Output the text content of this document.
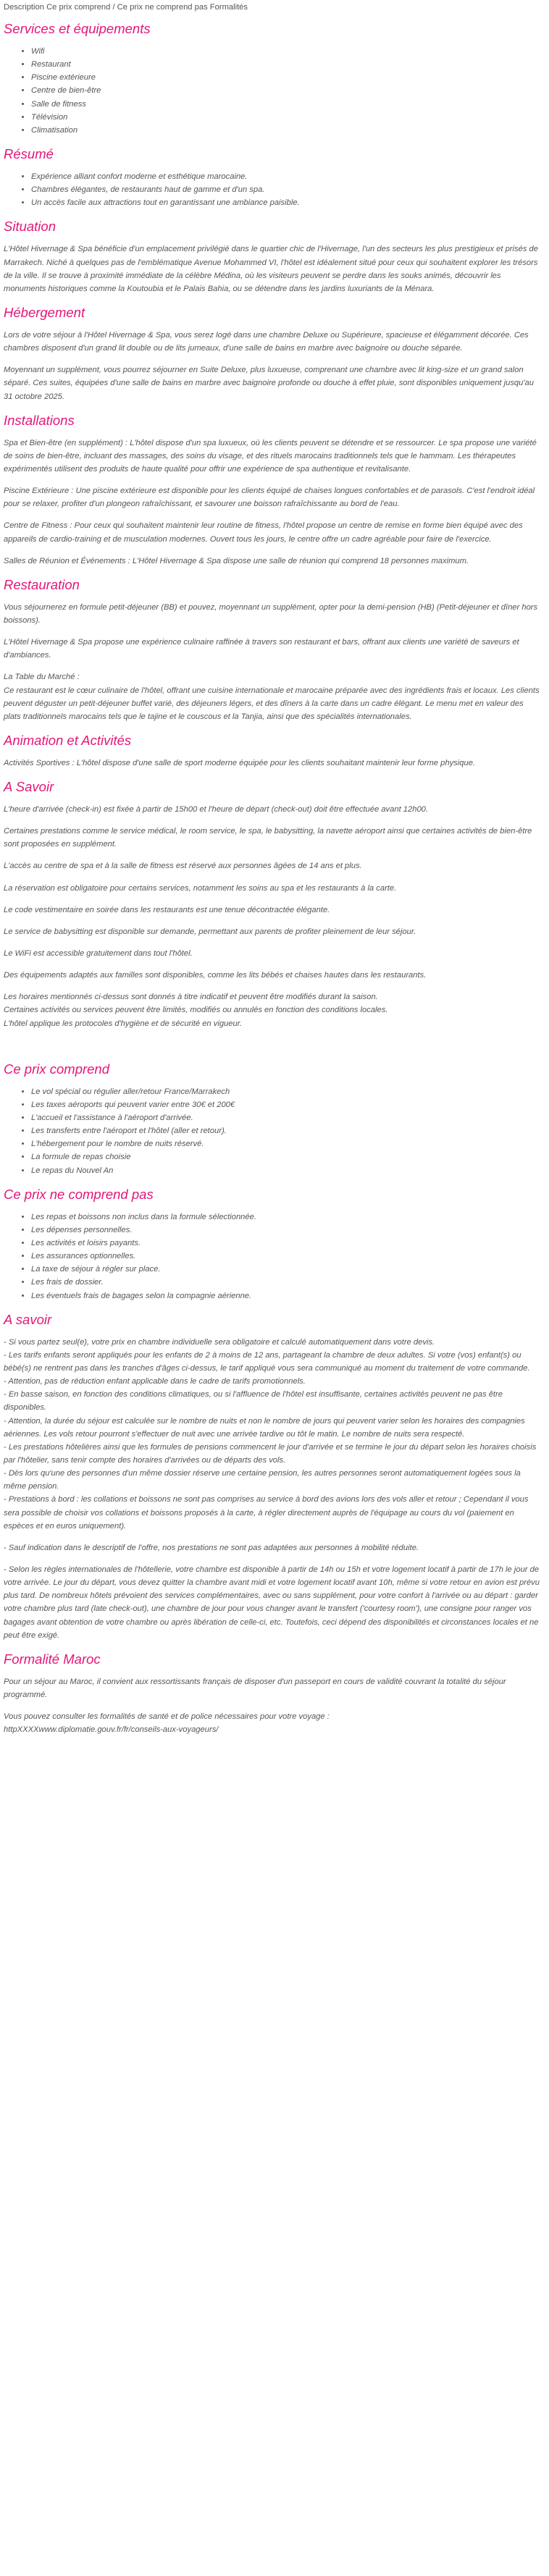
Description Ce prix comprend / Ce prix ne comprend pas Formalités
Services et équipements
• Wifi
• Restaurant
• Piscine extérieure
• Centre de bien-être
• Salle de fitness
• Télévision
• Climatisation
Résumé
• Expérience alliant confort moderne et esthétique marocaine.
• Chambres élégantes, de restaurants haut de gamme et d'un spa.
• Un accès facile aux attractions tout en garantissant une ambiance paisible.
Situation

L'Hôtel Hivernage & Spa bénéficie d'un emplacement privilégié dans le quartier chic de l'Hivernage, l'un des secteurs les plus prestigieux et prisés de Marrakech. Niché à quelques pas de l'emblématique Avenue Mohammed VI, l'hôtel est idéalement situé pour ceux qui souhaitent explorer les trésors de la ville. Il se trouve à proximité immédiate de la célèbre Médina, où les visiteurs peuvent se perdre dans les souks animés, découvrir les monuments historiques comme la Koutoubia et le Palais Bahia, ou se détendre dans les jardins luxuriants de la Ménara.

Hébergement

Lors de votre séjour à l'Hôtel Hivernage & Spa, vous serez logé dans une chambre Deluxe ou Supérieure, spacieuse et élégamment décorée. Ces chambres disposent d'un grand lit double ou de lits jumeaux, d'une salle de bains en marbre avec baignoire ou douche séparée.

Moyennant un supplément, vous pourrez séjourner en Suite Deluxe, plus luxueuse, comprenant une chambre avec lit king-size et un grand salon séparé. Ces suites, équipées d'une salle de bains en marbre avec baignoire profonde ou douche à effet pluie, sont disponibles uniquement jusqu'au 31 octobre 2025.

Installations

Spa et Bien-être (en supplément) : L'hôtel dispose d'un spa luxueux, où les clients peuvent se détendre et se ressourcer. Le spa propose une variété de soins de bien-être, incluant des massages, des soins du visage, et des rituels marocains traditionnels tels que le hammam. Les thérapeutes expérimentés utilisent des produits de haute qualité pour offrir une expérience de spa authentique et revitalisante.

Piscine Extérieure : Une piscine extérieure est disponible pour les clients équipé de chaises longues confortables et de parasols. C'est l'endroit idéal pour se relaxer, profiter d'un plongeon rafraîchissant, et savourer une boisson rafraîchissante au bord de l'eau.

Centre de Fitness : Pour ceux qui souhaitent maintenir leur routine de fitness, l'hôtel propose un centre de remise en forme bien équipé avec des appareils de cardio-training et de musculation modernes. Ouvert tous les jours, le centre offre un cadre agréable pour faire de l'exercice.

Salles de Réunion et Événements : L'Hôtel Hivernage & Spa dispose une salle de réunion qui comprend 18 personnes maximum.

Restauration

Vous séjournerez en formule petit-déjeuner (BB) et pouvez, moyennant un supplément, opter pour la demi-pension (HB) (Petit-déjeuner et dîner hors boissons).

L'Hôtel Hivernage & Spa propose une expérience culinaire raffinée à travers son restaurant et bars, offrant aux clients une variété de saveurs et d'ambiances.

La Table du Marché :

Ce restaurant est le cœur culinaire de l'hôtel, offrant une cuisine internationale et marocaine préparée avec des ingrédients frais et locaux. Les clients peuvent déguster un petit-déjeuner buffet varié, des déjeuners légers, et des dîners à la carte dans un cadre élégant. Le menu met en valeur des plats traditionnels marocains tels que le tajine et le couscous et la Tanjia, ainsi que des spécialités internationales.

Animation et Activités

Activités Sportives : L'hôtel dispose d'une salle de sport moderne équipée pour les clients souhaitant maintenir leur forme physique.

A Savoir

L'heure d'arrivée (check-in) est fixée à partir de 15h00 et l'heure de départ (check-out) doit être effectuée avant 12h00.

Certaines prestations comme le service médical, le room service, le spa, le babysitting, la navette aéroport ainsi que certaines activités de bien-être sont proposées en supplément.

L'accès au centre de spa et à la salle de fitness est réservé aux personnes âgées de 14 ans et plus.

La réservation est obligatoire pour certains services, notamment les soins au spa et les restaurants à la carte.

Le code vestimentaire en soirée dans les restaurants est une tenue décontractée élégante.

Le service de babysitting est disponible sur demande, permettant aux parents de profiter pleinement de leur séjour.

Le WiFi est accessible gratuitement dans tout l'hôtel.

Des équipements adaptés aux familles sont disponibles, comme les lits bébés et chaises hautes dans les restaurants.

Les horaires mentionnés ci-dessus sont donnés à titre indicatif et peuvent être modifiés durant la saison.

Certaines activités ou services peuvent être limités, modifiés ou annulés en fonction des conditions locales.

L'hôtel applique les protocoles d'hygiène et de sécurité en vigueur.

Ce prix comprend
• Le vol spécial ou régulier aller/retour France/Marrakech
• Les taxes aéroports qui peuvent varier entre 30€ et 200€
• L'accueil et l'assistance à l'aéroport d'arrivée.
• Les transferts entre l'aéroport et l'hôtel (aller et retour).
• L'hébergement pour le nombre de nuits réservé.
• La formule de repas choisie
• Le repas du Nouvel An
Ce prix ne comprend pas
• Les repas et boissons non inclus dans la formule sélectionnée.
• Les dépenses personnelles.
• Les activités et loisirs payants.
• Les assurances optionnelles.
• La taxe de séjour à régler sur place.
• Les frais de dossier.
• Les éventuels frais de bagages selon la compagnie aérienne.
A savoir

- Si vous partez seul(e), votre prix en chambre individuelle sera obligatoire et calculé automatiquement dans votre devis.

- Les tarifs enfants seront appliqués pour les enfants de 2 à moins de 12 ans, partageant la chambre de deux adultes. Si votre (vos) enfant(s) ou bébé(s) ne rentrent pas dans les tranches d'âges ci-dessus, le tarif appliqué vous sera communiqué au moment du traitement de votre commande.

- Attention, pas de réduction enfant applicable dans le cadre de tarifs promotionnels.

- En basse saison, en fonction des conditions climatiques, ou si l'affluence de l'hôtel est insuffisante, certaines activités peuvent ne pas être disponibles.

- Attention, la durée du séjour est calculée sur le nombre de nuits et non le nombre de jours qui peuvent varier selon les horaires des compagnies aériennes. Les vols retour pourront s'effectuer de nuit avec une arrivée tardive ou tôt le matin. Le nombre de nuits sera respecté.

- Les prestations hôtelières ainsi que les formules de pensions commencent le jour d'arrivée et se termine le jour du départ selon les horaires choisis par l'hôtelier, sans tenir compte des horaires d'arrivées ou de départs des vols.

- Dès lors qu'une des personnes d'un même dossier réserve une certaine pension, les autres personnes seront automatiquement logées sous la même pension.

- Prestations à bord : les collations et boissons ne sont pas comprises au service à bord des avions lors des vols aller et retour ; Cependant il vous sera possible de choisir vos collations et boissons proposés à la carte, à régler directement auprès de l'équipage au cours du vol (paiement en espèces et en euros uniquement).

- Sauf indication dans le descriptif de l'offre, nos prestations ne sont pas adaptées aux personnes à mobilité réduite.

- Selon les règles internationales de l'hôtellerie, votre chambre est disponible à partir de 14h ou 15h et votre logement locatif à partir de 17h le jour de votre arrivée. Le jour du départ, vous devez quitter la chambre avant midi et votre logement locatif avant 10h, même si votre retour en avion est prévu plus tard. De nombreux hôtels prévoient des services complémentaires, avec ou sans supplément, pour votre confort à l'arrivée ou au départ : garder votre chambre plus tard (late check-out), une chambre de jour pour vous changer avant le transfert ('courtesy room'), une consigne pour ranger vos bagages avant obtention de votre chambre ou après libération de celle-ci, etc. Toutefois, ceci dépend des disponibilités et circonstances locales et ne peut être exigé.

Formalité Maroc

Pour un séjour au Maroc, il convient aux ressortissants français de disposer d'un passeport en cours de validité couvrant la totalité du séjour programmé.

Vous pouvez consulter les formalités de santé et de police nécessaires pour votre voyage :

httpXXXXwww.diplomatie.gouv.fr/fr/conseils-aux-voyageurs/
